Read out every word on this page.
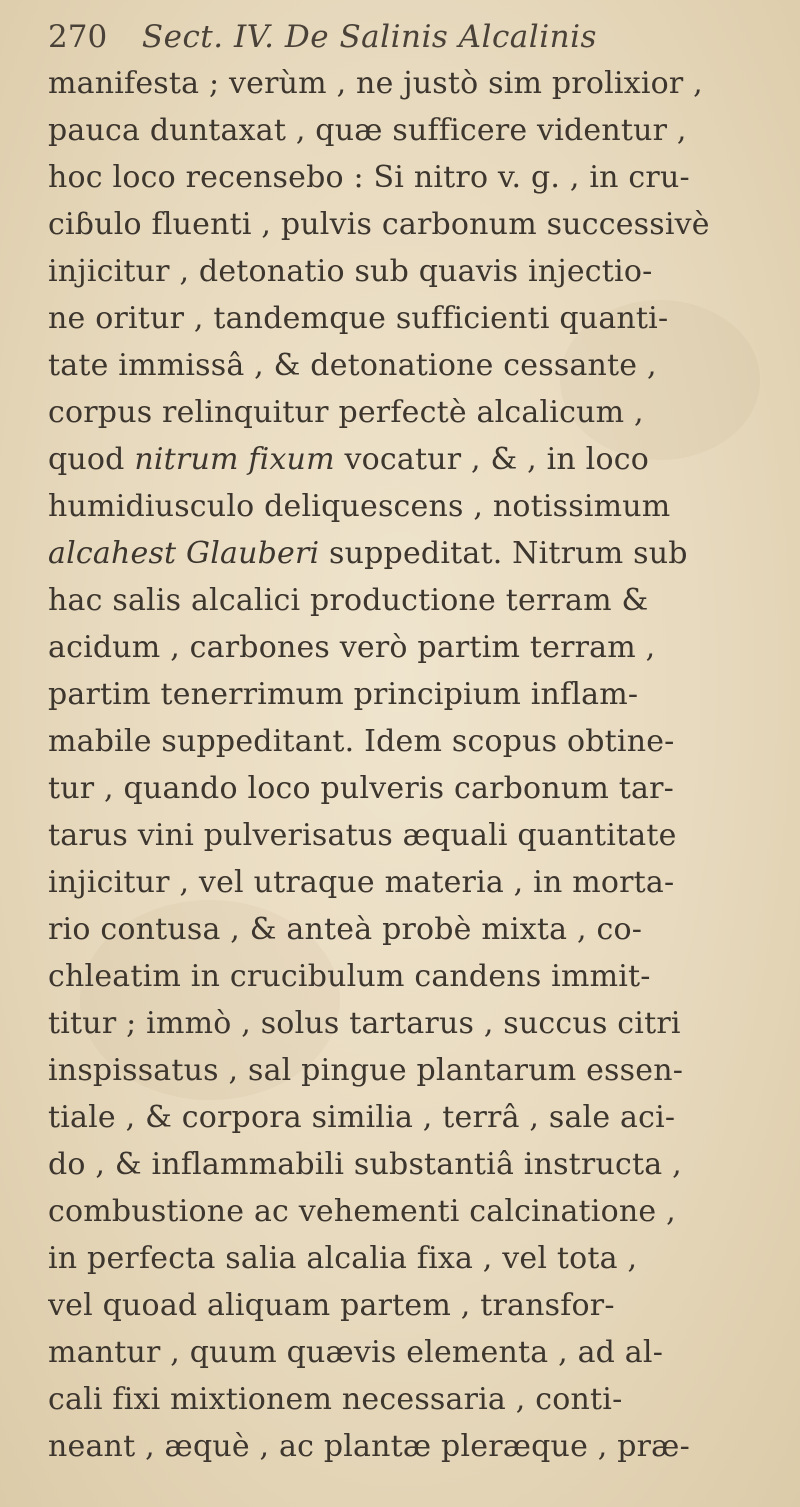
270 Sect. IV. De Salinis Alcalinis
manifesta ; verùm , ne justò sim prolixior ,
pauca duntaxat , quæ sufficere videntur ,
hoc loco recensebo : Si nitro v. g. , in cru-
ciɓulo fluenti , pulvis carbonum successivè
injicitur , detonatio sub quavis injectio-
ne oritur , tandemque sufficienti quanti-
tate immissâ , & detonatione cessante ,
corpus relinquitur perfectè alcalicum ,
quod nitrum fixum vocatur , & , in loco
humidiusculo deliquescens , notissimum
alcahest Glauberi suppeditat. Nitrum sub
hac salis alcalici productione terram &
acidum , carbones verò partim terram ,
partim tenerrimum principium inflam-
mabile suppeditant. Idem scopus obtine-
tur , quando loco pulveris carbonum tar-
tarus vini pulverisatus æquali quantitate
injicitur , vel utraque materia , in morta-
rio contusa , & anteà probè mixta , co-
chleatim in crucibulum candens immit-
titur ; immò , solus tartarus , succus citri
inspissatus , sal pingue plantarum essen-
tiale , & corpora similia , terrâ , sale aci-
do , & inflammabili substantiâ instructa ,
combustione ac vehementi calcinatione ,
in perfecta salia alcalia fixa , vel tota ,
vel quoad aliquam partem , transfor-
mantur , quum quævis elementa , ad al-
cali fixi mixtionem necessaria , conti-
neant , æquè , ac plantæ pleræque , præ-
